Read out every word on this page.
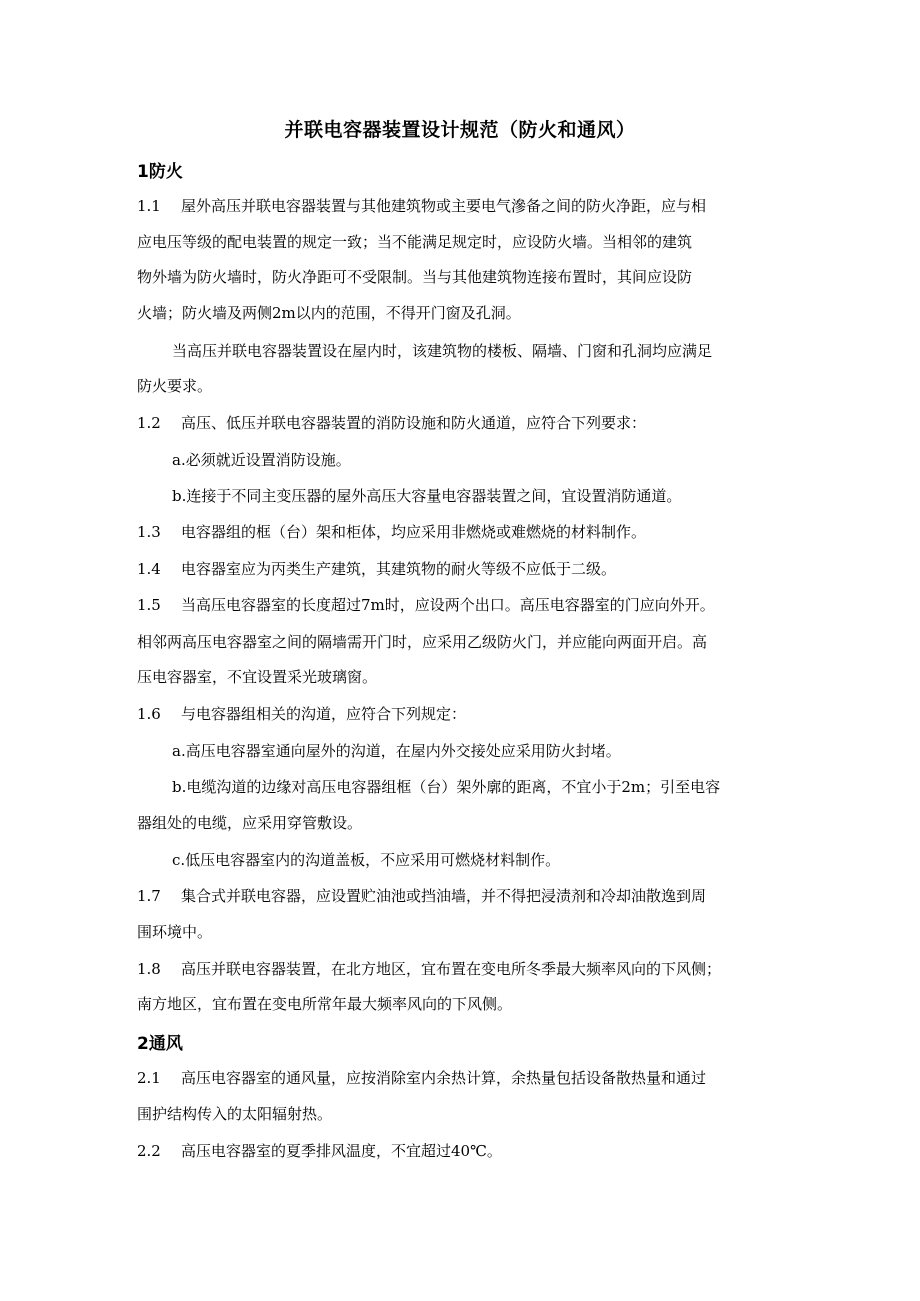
并联电容器装置设计规范（防火和通风）
1防火
1.1 屋外高压并联电容器装置与其他建筑物或主要电气滲备之间的防火净距，应与相
应电压等级的配电装置的规定一致；当不能满足规定时，应设防火墙。当相邻的建筑
物外墙为防火墙时，防火净距可不受限制。当与其他建筑物连接布置时，其间应设防
火墙；防火墙及两侧2m以内的范围，不得开门窗及孔洞。
当高压并联电容器装置设在屋内时，该建筑物的楼板、隔墙、门窗和孔洞均应满足
防火要求。
1.2 高压、低压并联电容器装置的消防设施和防火通道，应符合下列要求：
a.必须就近设置消防设施。
b.连接于不同主变压器的屋外高压大容量电容器装置之间，宜设置消防通道。
1.3 电容器组的框（台）架和柜体，均应采用非燃烧或难燃烧的材料制作。
1.4 电容器室应为丙类生产建筑，其建筑物的耐火等级不应低于二级。
1.5 当高压电容器室的长度超过7m时，应设两个出口。高压电容器室的门应向外开。
相邻两高压电容器室之间的隔墙需开门时，应采用乙级防火门，并应能向两面开启。高
压电容器室，不宜设置采光玻璃窗。
1.6 与电容器组相关的沟道，应符合下列规定：
a.高压电容器室通向屋外的沟道，在屋内外交接处应采用防火封堵。
b.电缆沟道的边缘对高压电容器组框（台）架外廓的距离，不宜小于2m；引至电容
器组处的电缆，应采用穿管敷设。
c.低压电容器室内的沟道盖板，不应采用可燃烧材料制作。
1.7 集合式并联电容器，应设置贮油池或挡油墙，并不得把浸渍剂和冷却油散逸到周
围环境中。
1.8 高压并联电容器装置，在北方地区，宜布置在变电所冬季最大频率风向的下风侧；
南方地区，宜布置在变电所常年最大频率风向的下风侧。
2通风
2.1 高压电容器室的通风量，应按消除室内余热计算，余热量包括设备散热量和通过
围护结构传入的太阳辐射热。
2.2 高压电容器室的夏季排风温度，不宜超过40℃。
